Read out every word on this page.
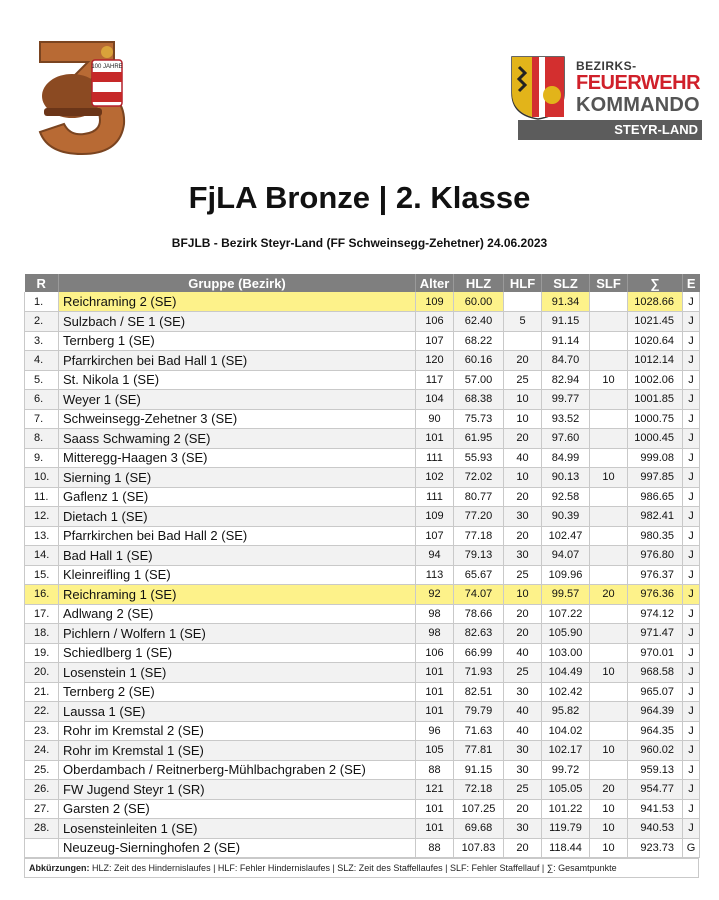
100 JAHRE	BEZIRKS-
FEUERWEHR
KOMMANDO
STEYR-LAND
FjLA Bronze | 2. Klasse
BFJLB - Bezirk Steyr-Land (FF Schweinsegg-Zehetner) 24.06.2023
R	Gruppe (Bezirk)	Alter	HLZ	HLF	SLZ	SLF	∑	E
1.	Reichraming 2 (SE)	109	60.00		91.34		1028.66	J
2.	Sulzbach / SE 1 (SE)	106	62.40	5	91.15		1021.45	J
3.	Ternberg 1 (SE)	107	68.22		91.14		1020.64	J
4.	Pfarrkirchen bei Bad Hall 1 (SE)	120	60.16	20	84.70		1012.14	J
5.	St. Nikola 1 (SE)	117	57.00	25	82.94	10	1002.06	J
6.	Weyer 1 (SE)	104	68.38	10	99.77		1001.85	J
7.	Schweinsegg-Zehetner 3 (SE)	90	75.73	10	93.52		1000.75	J
8.	Saass Schwaming 2 (SE)	101	61.95	20	97.60		1000.45	J
9.	Mitteregg-Haagen 3 (SE)	111	55.93	40	84.99		999.08	J
10.	Sierning 1 (SE)	102	72.02	10	90.13	10	997.85	J
11.	Gaflenz 1 (SE)	111	80.77	20	92.58		986.65	J
12.	Dietach 1 (SE)	109	77.20	30	90.39		982.41	J
13.	Pfarrkirchen bei Bad Hall 2 (SE)	107	77.18	20	102.47		980.35	J
14.	Bad Hall 1 (SE)	94	79.13	30	94.07		976.80	J
15.	Kleinreifling 1 (SE)	113	65.67	25	109.96		976.37	J
16.	Reichraming 1 (SE)	92	74.07	10	99.57	20	976.36	J
17.	Adlwang 2 (SE)	98	78.66	20	107.22		974.12	J
18.	Pichlern / Wolfern 1 (SE)	98	82.63	20	105.90		971.47	J
19.	Schiedlberg 1 (SE)	106	66.99	40	103.00		970.01	J
20.	Losenstein 1 (SE)	101	71.93	25	104.49	10	968.58	J
21.	Ternberg 2 (SE)	101	82.51	30	102.42		965.07	J
22.	Laussa 1 (SE)	101	79.79	40	95.82		964.39	J
23.	Rohr im Kremstal 2 (SE)	96	71.63	40	104.02		964.35	J
24.	Rohr im Kremstal 1 (SE)	105	77.81	30	102.17	10	960.02	J
25.	Oberdambach / Reitnerberg-Mühlbachgraben 2 (SE)	88	91.15	30	99.72		959.13	J
26.	FW Jugend Steyr 1 (SR)	121	72.18	25	105.05	20	954.77	J
27.	Garsten 2 (SE)	101	107.25	20	101.22	10	941.53	J
28.	Losensteinleiten 1 (SE)	101	69.68	30	119.79	10	940.53	J
	Neuzeug-Sierninghofen 2 (SE)	88	107.83	20	118.44	10	923.73	G
Abkürzungen: HLZ: Zeit des Hindernislaufes | HLF: Fehler Hindernislaufes | SLZ: Zeit des Staffellaufes | SLF: Fehler Staffellauf | ∑: Gesamtpunkte
